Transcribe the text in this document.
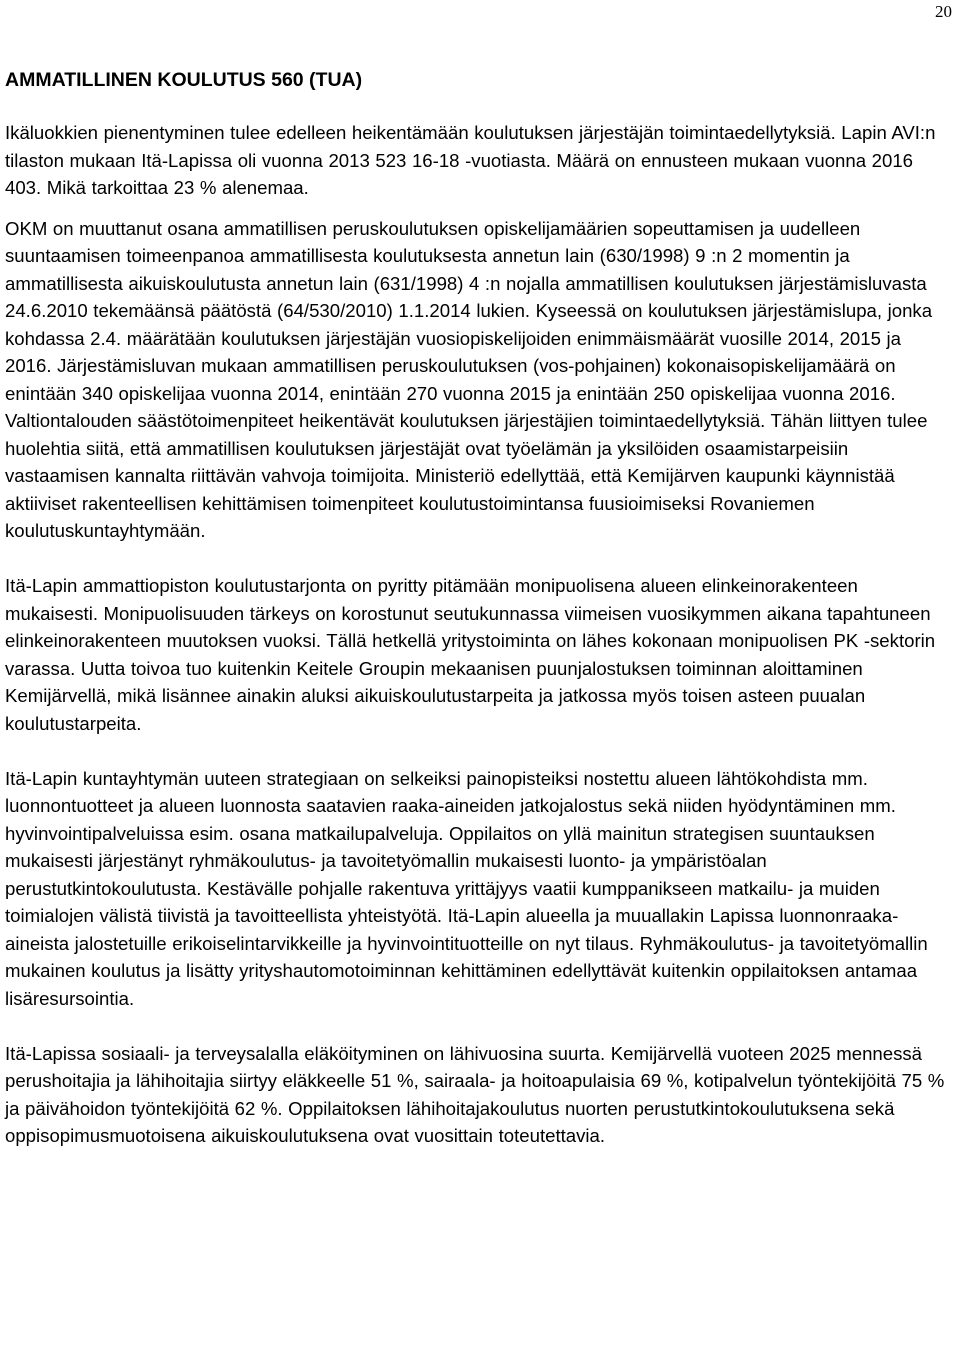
20
AMMATILLINEN KOULUTUS 560 (TUA)

Ikäluokkien pienentyminen tulee edelleen heikentämään koulutuksen järjestäjän toimintaedellytyksiä. Lapin AVI:n tilaston mukaan Itä-Lapissa oli vuonna 2013 523 16-18 -vuotiasta. Määrä on ennusteen mukaan vuonna 2016 403. Mikä tarkoittaa 23 % alenemaa.

OKM on muuttanut osana ammatillisen peruskoulutuksen opiskelijamäärien sopeuttamisen ja uudelleen suuntaamisen toimeenpanoa ammatillisesta koulutuksesta annetun lain (630/1998) 9 :n 2 momentin ja ammatillisesta aikuiskoulutusta annetun lain (631/1998) 4 :n nojalla ammatillisen koulutuksen järjestämisluvasta 24.6.2010 tekemäänsä päätöstä (64/530/2010) 1.1.2014 lukien. Kyseessä on koulutuksen järjestämislupa, jonka kohdassa 2.4. määrätään koulutuksen järjestäjän vuosiopiskelijoiden enimmäismäärät vuosille 2014, 2015 ja 2016. Järjestämisluvan mukaan ammatillisen peruskoulutuksen (vos-pohjainen) kokonaisopiskelijamäärä on enintään 340 opiskelijaa vuonna 2014, enintään 270 vuonna 2015 ja enintään 250 opiskelijaa vuonna 2016.

Valtiontalouden säästötoimenpiteet heikentävät koulutuksen järjestäjien toimintaedellytyksiä. Tähän liittyen tulee huolehtia siitä, että ammatillisen koulutuksen järjestäjät ovat työelämän ja yksilöiden osaamistarpeisiin vastaamisen kannalta riittävän vahvoja toimijoita. Ministeriö edellyttää, että Kemijärven kaupunki käynnistää aktiiviset rakenteellisen kehittämisen toimenpiteet koulutustoimintansa fuusioimiseksi Rovaniemen koulutuskuntayhtymään.

Itä-Lapin ammattiopiston koulutustarjonta on pyritty pitämään monipuolisena alueen elinkeinorakenteen mukaisesti. Monipuolisuuden tärkeys on korostunut seutukunnassa viimeisen vuosikymmen aikana tapahtuneen elinkeinorakenteen muutoksen vuoksi. Tällä hetkellä yritystoiminta on lähes kokonaan monipuolisen PK -sektorin varassa. Uutta toivoa tuo kuitenkin Keitele Groupin mekaanisen puunjalostuksen toiminnan aloittaminen Kemijärvellä, mikä lisännee ainakin aluksi aikuiskoulutustarpeita ja jatkossa myös toisen asteen puualan koulutustarpeita.

Itä-Lapin kuntayhtymän uuteen strategiaan on selkeiksi painopisteiksi nostettu alueen lähtökohdista mm. luonnontuotteet ja alueen luonnosta saatavien raaka-aineiden jatkojalostus sekä niiden hyödyntäminen mm. hyvinvointipalveluissa esim. osana matkailupalveluja. Oppilaitos on yllä mainitun strategisen suuntauksen mukaisesti järjestänyt ryhmäkoulutus- ja tavoitetyömallin mukaisesti luonto- ja ympäristöalan perustutkintokoulutusta. Kestävälle pohjalle rakentuva yrittäjyys vaatii kumppanikseen matkailu- ja muiden toimialojen välistä tiivistä ja tavoitteellista yhteistyötä. Itä-Lapin alueella ja muuallakin Lapissa luonnonraaka-aineista jalostetuille erikoiselintarvikkeille ja hyvinvointituotteille on nyt tilaus. Ryhmäkoulutus- ja tavoitetyömallin mukainen koulutus ja lisätty yrityshautomotoiminnan kehittäminen edellyttävät kuitenkin oppilaitoksen antamaa lisäresursointia.

Itä-Lapissa sosiaali- ja terveysalalla eläköityminen on lähivuosina suurta. Kemijärvellä vuoteen 2025 mennessä perushoitajia ja lähihoitajia siirtyy eläkkeelle 51 %, sairaala- ja hoitoapulaisia 69 %, kotipalvelun työntekijöitä 75 % ja päivähoidon työntekijöitä 62 %. Oppilaitoksen lähihoitajakoulutus nuorten perustutkintokoulutuksena sekä oppisopimusmuotoisena aikuiskoulutuksena ovat vuosittain toteutettavia.
